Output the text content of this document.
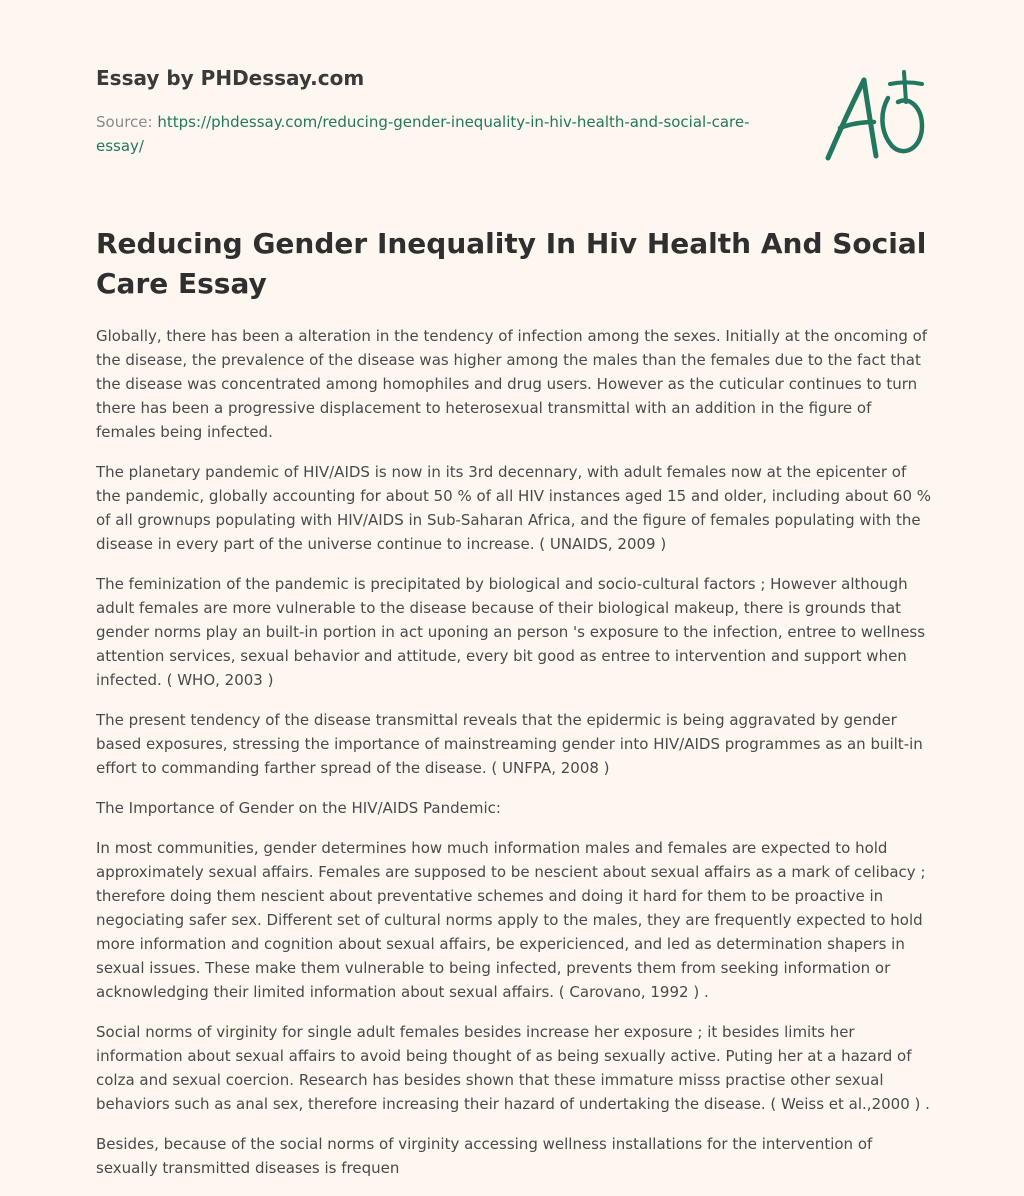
Essay by PHDessay.com
Source: https://phdessay.com/reducing-gender-inequality-in-hiv-health-and-social-care-essay/
Reducing Gender Inequality In Hiv Health And Social Care Essay

Globally, there has been a alteration in the tendency of infection among the sexes. Initially at the oncoming of the disease, the prevalence of the disease was higher among the males than the females due to the fact that the disease was concentrated among homophiles and drug users. However as the cuticular continues to turn there has been a progressive displacement to heterosexual transmittal with an addition in the figure of females being infected.

The planetary pandemic of HIV/AIDS is now in its 3rd decennary, with adult females now at the epicenter of the pandemic, globally accounting for about 50 % of all HIV instances aged 15 and older, including about 60 % of all grownups populating with HIV/AIDS in Sub-Saharan Africa, and the figure of females populating with the disease in every part of the universe continue to increase. ( UNAIDS, 2009 )

The feminization of the pandemic is precipitated by biological and socio-cultural factors ; However although adult females are more vulnerable to the disease because of their biological makeup, there is grounds that gender norms play an built-in portion in act uponing an person 's exposure to the infection, entree to wellness attention services, sexual behavior and attitude, every bit good as entree to intervention and support when infected. ( WHO, 2003 )

The present tendency of the disease transmittal reveals that the epidermic is being aggravated by gender based exposures, stressing the importance of mainstreaming gender into HIV/AIDS programmes as an built-in effort to commanding farther spread of the disease. ( UNFPA, 2008 )

The Importance of Gender on the HIV/AIDS Pandemic:

In most communities, gender determines how much information males and females are expected to hold approximately sexual affairs. Females are supposed to be nescient about sexual affairs as a mark of celibacy ; therefore doing them nescient about preventative schemes and doing it hard for them to be proactive in negociating safer sex. Different set of cultural norms apply to the males, they are frequently expected to hold more information and cognition about sexual affairs, be expericienced, and led as determination shapers in sexual issues. These make them vulnerable to being infected, prevents them from seeking information or acknowledging their limited information about sexual affairs. ( Carovano, 1992 ) .

Social norms of virginity for single adult females besides increase her exposure ; it besides limits her information about sexual affairs to avoid being thought of as being sexually active. Puting her at a hazard of colza and sexual coercion. Research has besides shown that these immature misss practise other sexual behaviors such as anal sex, therefore increasing their hazard of undertaking the disease. ( Weiss et al.,2000 ) .

Besides, because of the social norms of virginity accessing wellness installations for the intervention of sexually transmitted diseases is frequen
